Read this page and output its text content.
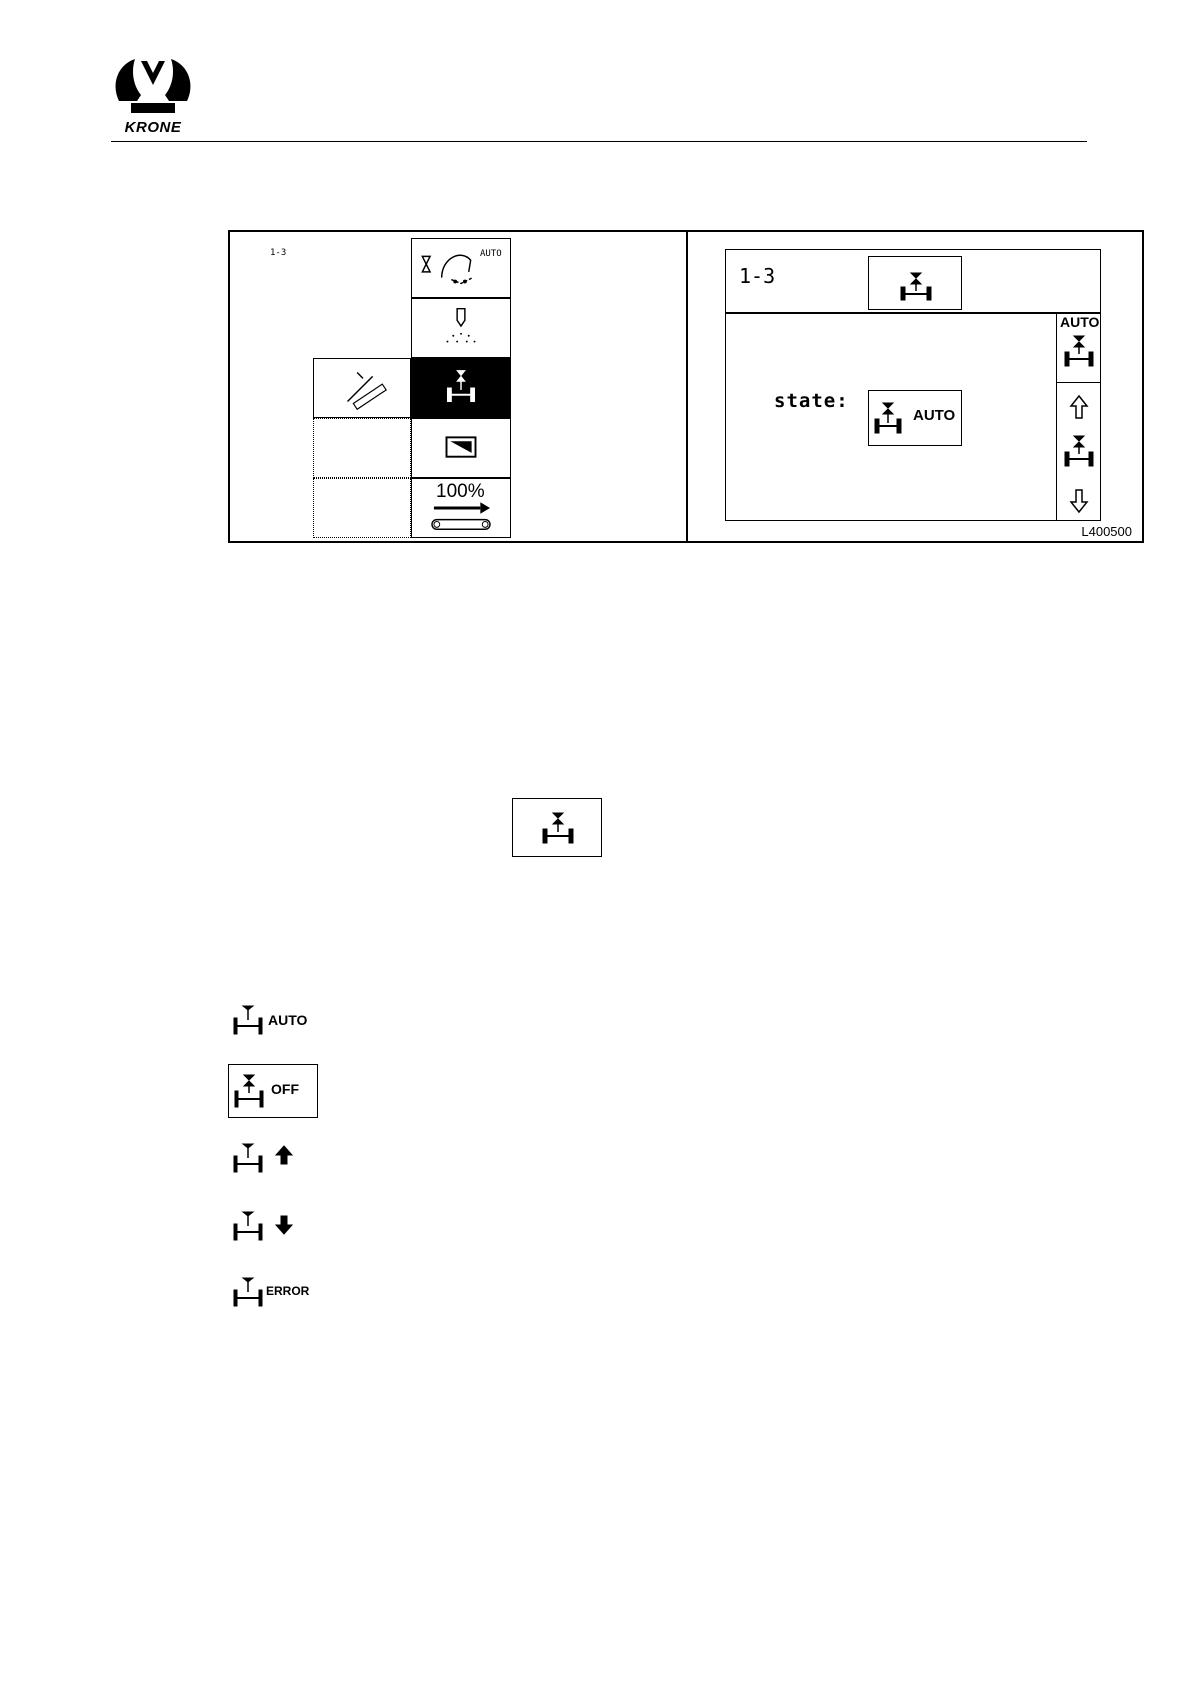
KRONE
1-3	AUTO
100%
1-3
state:
AUTO
AUTO
L400500
AUTO
OFF
ERROR
